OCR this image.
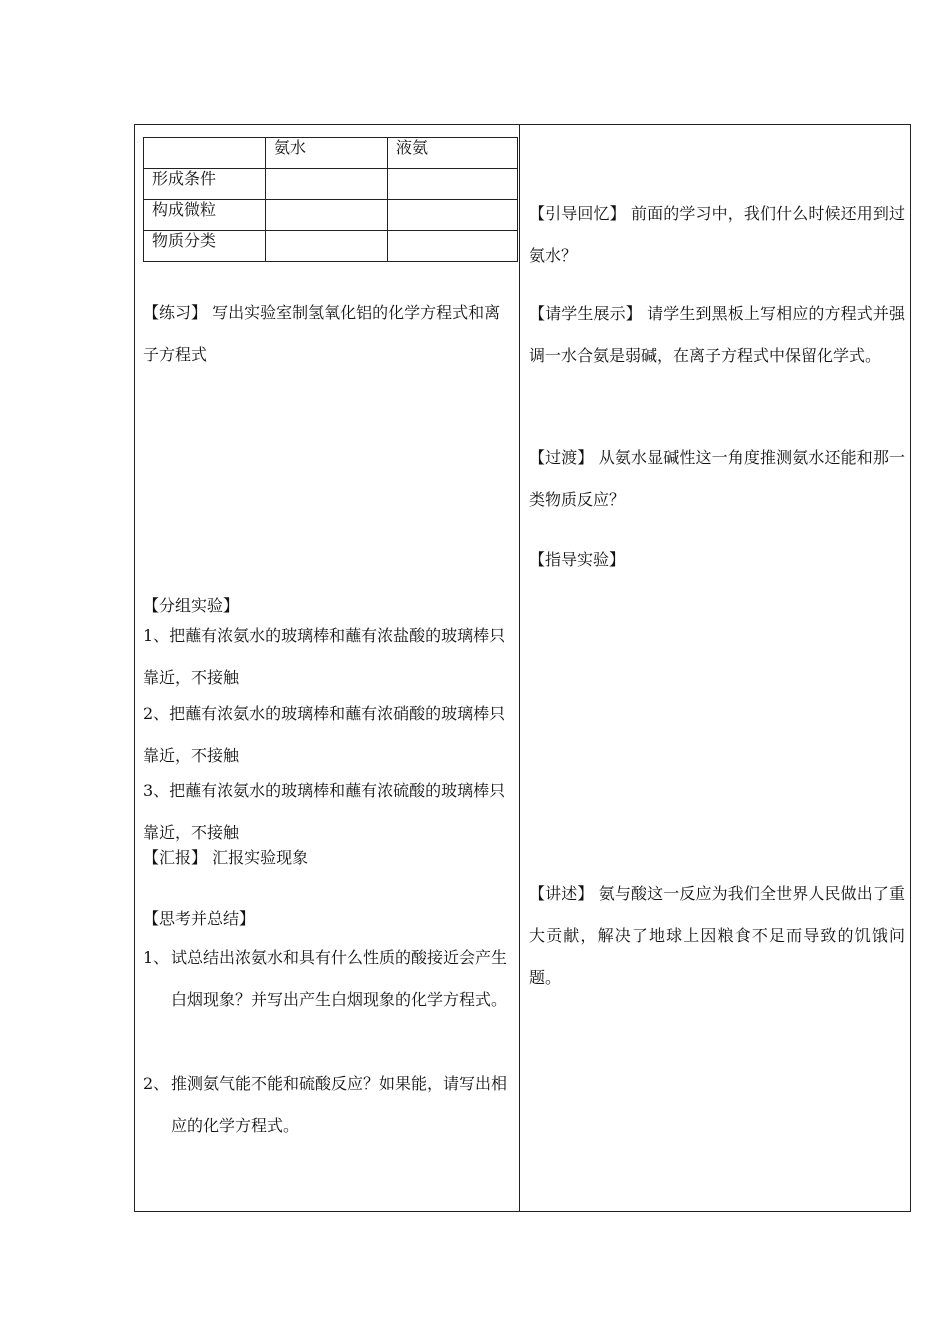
	氨水	液氨
形成条件		
构成微粒		
物质分类		
【练习】 写出实验室制氢氧化铝的化学方程式和离子方程式
【分组实验】
1、把蘸有浓氨水的玻璃棒和蘸有浓盐酸的玻璃棒只靠近，不接触
2、把蘸有浓氨水的玻璃棒和蘸有浓硝酸的玻璃棒只靠近，不接触
3、把蘸有浓氨水的玻璃棒和蘸有浓硫酸的玻璃棒只靠近，不接触
【汇报】 汇报实验现象
【思考并总结】
1、 试总结出浓氨水和具有什么性质的酸接近会产生白烟现象？并写出产生白烟现象的化学方程式。
2、 推测氨气能不能和硫酸反应？如果能，请写出相应的化学方程式。
【引导回忆】 前面的学习中，我们什么时候还用到过氨水？
【请学生展示】 请学生到黑板上写相应的方程式并强调一水合氨是弱碱，在离子方程式中保留化学式。
【过渡】 从氨水显碱性这一角度推测氨水还能和那一类物质反应？
【指导实验】
【讲述】 氨与酸这一反应为我们全世界人民做出了重大贡献，解决了地球上因粮食不足而导致的饥饿问题。
